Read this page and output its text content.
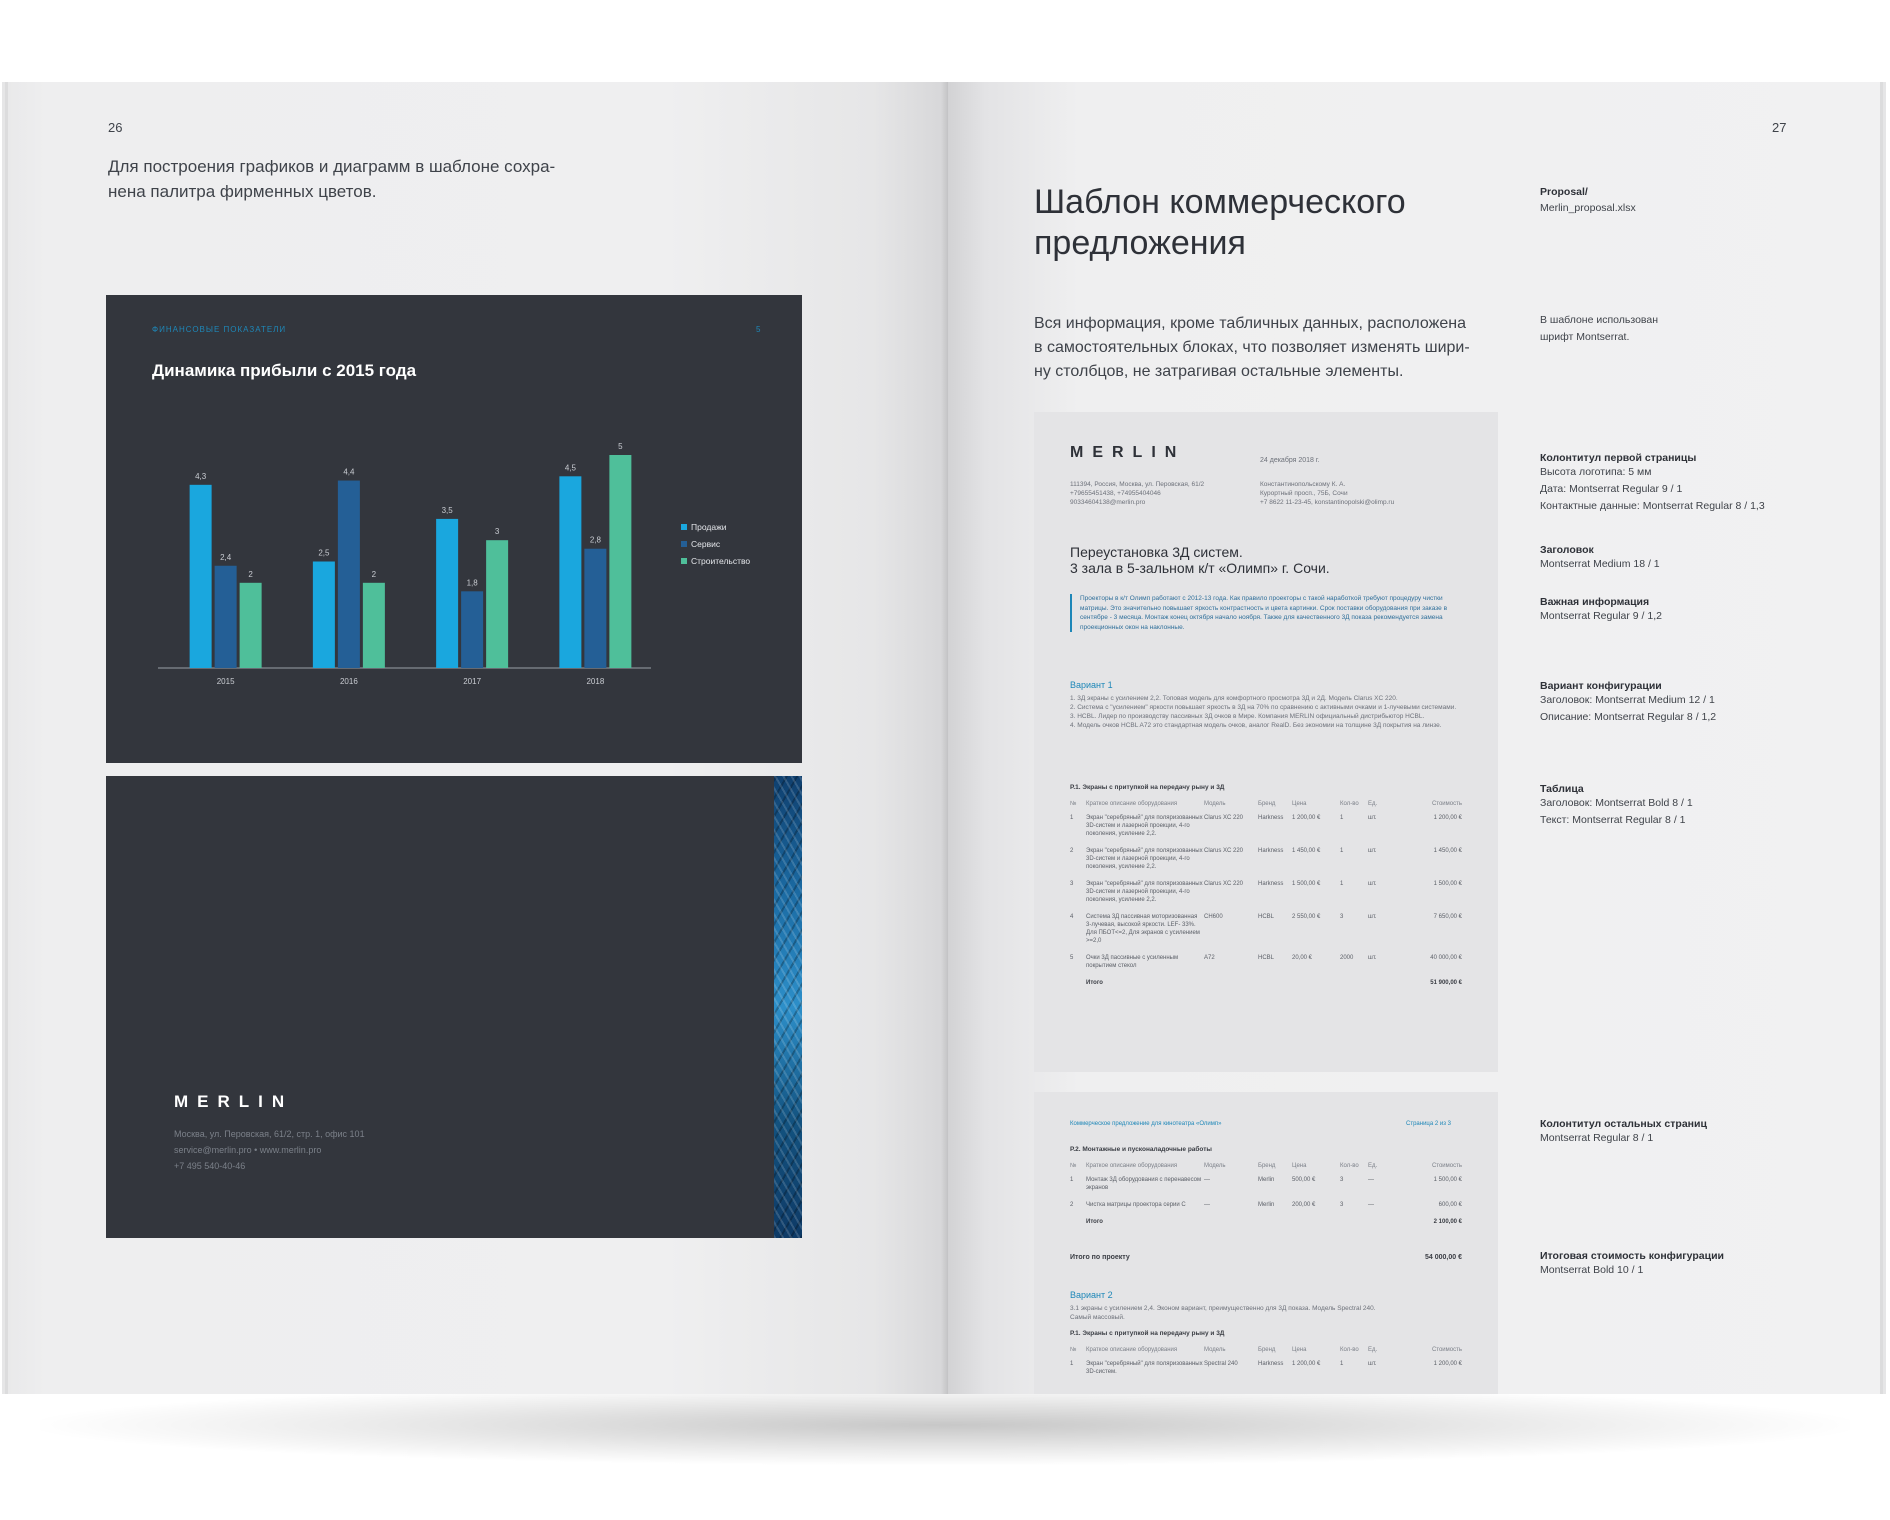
26
Для построения графиков и диаграмм в шаблоне сохра-
нена палитра фирменных цветов.
ФИНАНСОВЫЕ ПОКАЗАТЕЛИ	5
Динамика прибыли с 2015 года
4,3
2,4
2
2015
2,5
4,4
2
2016
3,5
1,8
3
2017
4,5
2,8
5
2018
Продажи
Сервис
Строительство
MERLIN
Москва, ул. Перовская, 61/2, стр. 1, офис 101
service@merlin.pro • www.merlin.pro
+7 495 540-40-46
27
Шаблон коммерческого
предложения
Proposal/
Merlin_proposal.xlsx
Вся информация, кроме табличных данных, расположена
в самостоятельных блоках, что позволяет изменять шири-
ну столбцов, не затрагивая остальные элементы.
В шаблоне использован
шрифт Montserrat.
Колонтитул первой страницы
Высота логотипа: 5 мм
Дата: Montserrat Regular 9 / 1
Контактные данные: Montserrat Regular 8 / 1,3
Заголовок
Montserrat Medium 18 / 1
Важная информация
Montserrat Regular 9 / 1,2
Вариант конфигурации
Заголовок: Montserrat Medium 12 / 1
Описание: Montserrat Regular 8 / 1,2
Таблица
Заголовок: Montserrat Bold 8 / 1
Текст: Montserrat Regular 8 / 1
Колонтитул остальных страниц
Montserrat Regular 8 / 1
Итоговая стоимость конфигурации
Montserrat Bold 10 / 1
MERLIN	24 декабря 2018 г.
111394, Россия, Москва, ул. Перовская, 61/2
+79655451438, +74955404046
90334604138@merlin.pro
Константинопольскому К. А.
Курортный просп., 75Б, Сочи
+7 8622 11-23-45, konstantinopolski@olimp.ru
Переустановка 3Д систем.
3 зала в 5-зальном к/т «Олимп» г. Сочи.
Проекторы в к/т Олимп работают с 2012-13 года. Как правило проекторы с такой наработкой требуют процедуру чистки матрицы. Это значительно повышает яркость контрастность и цвета картинки. Срок поставки оборудования при заказе в сентябре - 3 месяца. Монтаж конец октября начало ноября. Также для качественного 3Д показа рекомендуется замена проекционных окон на наклонные.
Вариант 1
1. 3Д экраны с усилением 2,2. Топовая модель для комфортного просмотра 3Д и 2Д. Модель Clarus XC 220.
2. Система с "усилением" яркости повышает яркость в 3Д на 70% по сравнению с активными очками и 1-лучевыми системами.
3. HCBL. Лидер по производству пассивных 3Д очков в Мире. Компания MERLIN официальный дистрибьютор HCBL.
4. Модель очков HCBL A72 это стандартная модель очков, аналог RealD. Без экономии на толщине 3Д покрытия на линзе.
Р.1. Экраны с притупкой на передачу рыну и 3Д
№	Краткое описание оборудования	Модель	Бренд	Цена	Кол-во	Ед.	Стоимость
1	Экран "серебряный" для поляризованных 3D-систем и лазерной проекции, 4-го поколения, усиление 2,2.	Clarus XC 220	Harkness	1 200,00 €	1	шт.	1 200,00 €
2	Экран "серебряный" для поляризованных 3D-систем и лазерной проекции, 4-го поколения, усиление 2,2.	Clarus XC 220	Harkness	1 450,00 €	1	шт.	1 450,00 €
3	Экран "серебряный" для поляризованных 3D-систем и лазерной проекции, 4-го поколения, усиление 2,2.	Clarus XC 220	Harkness	1 500,00 €	1	шт.	1 500,00 €
4	Система 3Д пассивная моторизованная 3-лучевая, высокой яркости. LEF- 33%. Для ПБОТ<=2, Для экранов с усилением >=2,0	CH600	HCBL	2 550,00 €	3	шт.	7 650,00 €
5	Очки 3Д пассивные с усиленным покрытием стекол	A72	HCBL	20,00 €	2000	шт.	40 000,00 €
	Итого						51 900,00 €
Коммерческое предложение для кинотеатра «Олимп»	Страница 2 из 3
Р.2. Монтажные и пусконаладочные работы
№	Краткое описание оборудования	Модель	Бренд	Цена	Кол-во	Ед.	Стоимость
1	Монтаж 3Д оборудования с перенавесом экранов	—	Merlin	500,00 €	3	—	1 500,00 €
2	Чистка матрицы проектора серии C	—	Merlin	200,00 €	3	—	600,00 €
	Итого						2 100,00 €
Итого по проекту	54 000,00 €
Вариант 2
3.1 экраны с усилением 2,4. Эконом вариант, преимущественно для 3Д показа. Модель Spectral 240.
Самый массовый.
Р.1. Экраны с притупкой на передачу рыну и 3Д
№	Краткое описание оборудования	Модель	Бренд	Цена	Кол-во	Ед.	Стоимость
1	Экран "серебряный" для поляризованных 3D-систем.	Spectral 240	Harkness	1 200,00 €	1	шт.	1 200,00 €
